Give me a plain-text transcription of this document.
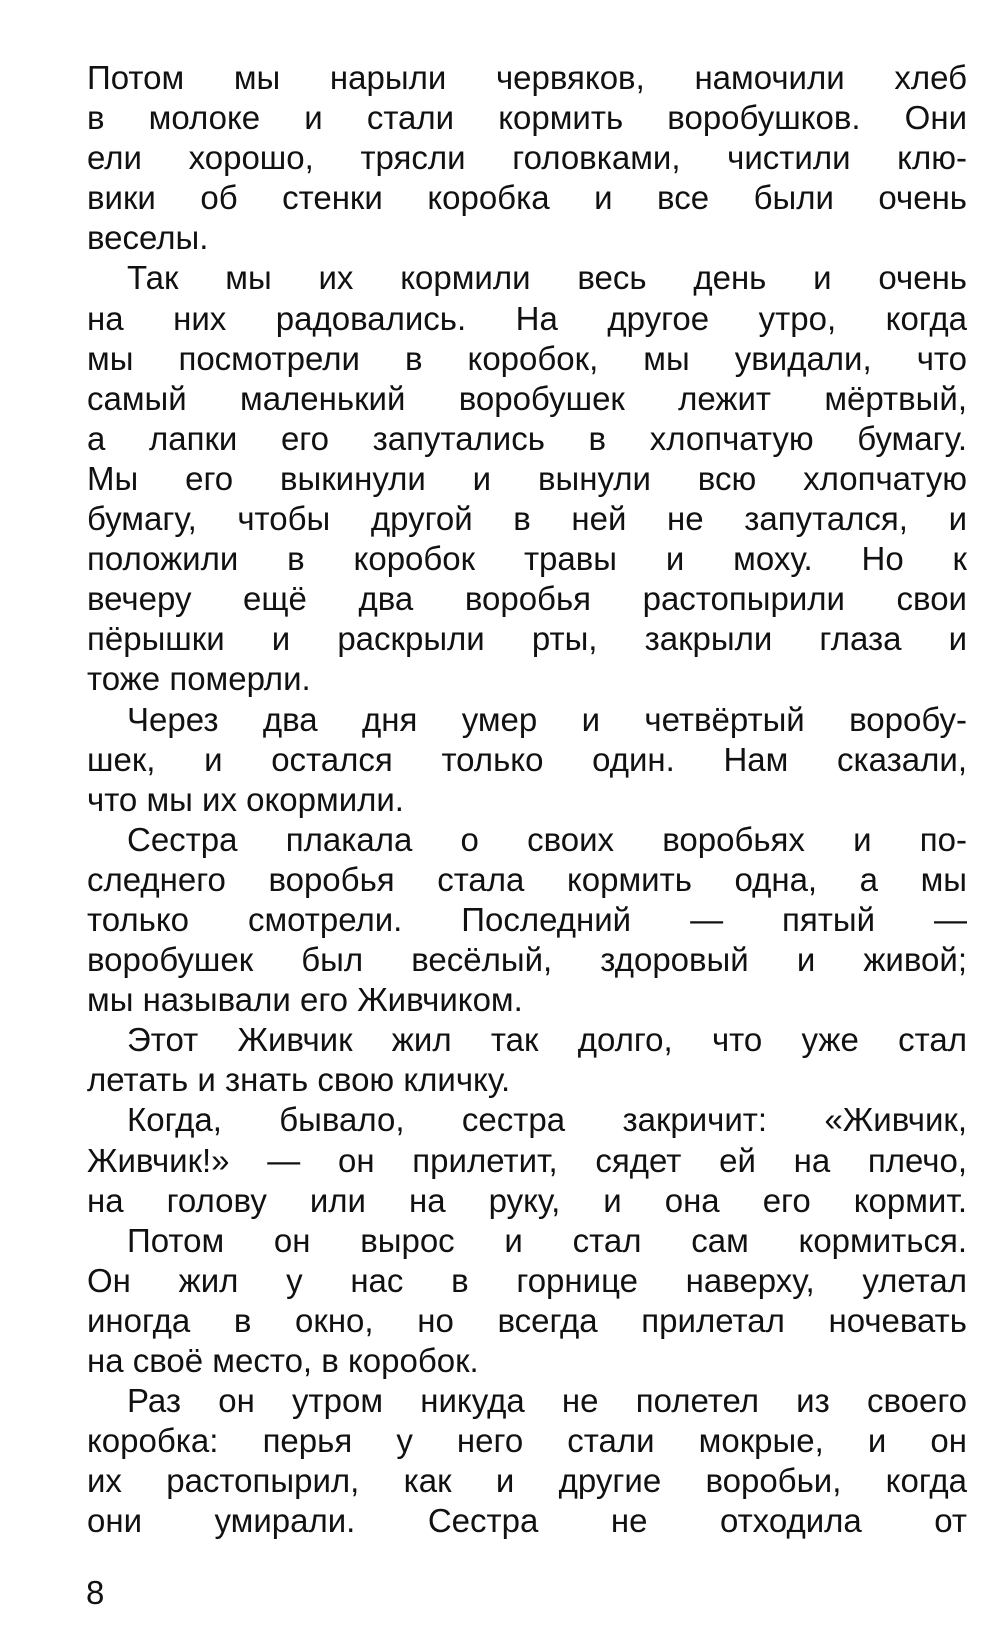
Потом мы нарыли червяков, намочили хлеб
в молоке и стали кормить воробушков. Они
ели хорошо, трясли головками, чистили клю-
вики об стенки коробка и все были очень
веселы.

Так мы их кормили весь день и очень
на них радовались. На другое утро, когда
мы посмотрели в коробок, мы увидали, что
самый маленький воробушек лежит мёртвый,
а лапки его запутались в хлопчатую бумагу.
Мы его выкинули и вынули всю хлопчатую
бумагу, чтобы другой в ней не запутался, и
положили в коробок травы и моху. Но к
вечеру ещё два воробья растопырили свои
пёрышки и раскрыли рты, закрыли глаза и
тоже померли.

Через два дня умер и четвёртый воробу-
шек, и остался только один. Нам сказали,
что мы их окормили.

Сестра плакала о своих воробьях и по-
следнего воробья стала кормить одна, а мы
только смотрели. Последний — пятый —
воробушек был весёлый, здоровый и живой;
мы называли его Живчиком.

Этот Живчик жил так долго, что уже стал
летать и знать свою кличку.

Когда, бывало, сестра закричит: «Живчик,
Живчик!» — он прилетит, сядет ей на плечо,
на голову или на руку, и она его кормит.

Потом он вырос и стал сам кормиться.
Он жил у нас в горнице наверху, улетал
иногда в окно, но всегда прилетал ночевать
на своё место, в коробок.

Раз он утром никуда не полетел из своего
коробка: перья у него стали мокрые, и он
их растопырил, как и другие воробьи, когда
они умирали. Сестра не отходила от

8
